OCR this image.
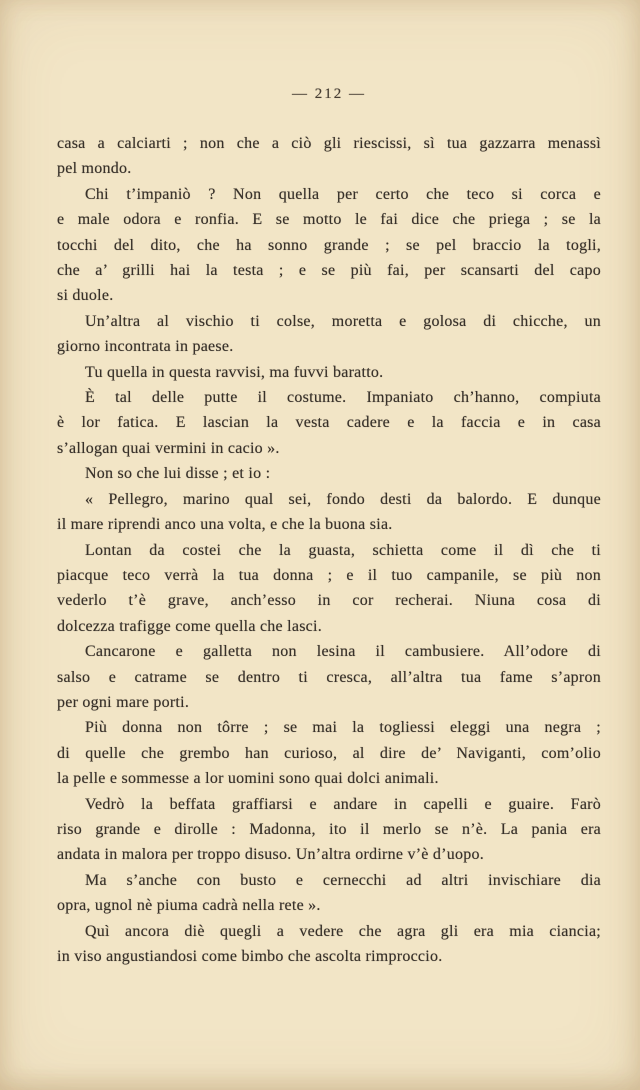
— 212 —
casa a calciarti ; non che a ciò gli riescissi, sì tua gazzarra menassì
pel mondo.
Chi t’impaniò ? Non quella per certo che teco si corca e
e male odora e ronfia. E se motto le fai dice che priega ; se la
tocchi del dito, che ha sonno grande ; se pel braccio la togli,
che a’ grilli hai la testa ; e se più fai, per scansarti del capo
si duole.
Un’altra al vischio ti colse, moretta e golosa di chicche, un
giorno incontrata in paese.
Tu quella in questa ravvisi, ma fuvvi baratto.
È tal delle putte il costume. Impaniato ch’hanno, compiuta
è lor fatica. E lascian la vesta cadere e la faccia e in casa
s’allogan quai vermini in cacio ».
Non so che lui disse ; et io :
« Pellegro, marino qual sei, fondo desti da balordo. E dunque
il mare riprendi anco una volta, e che la buona sia.
Lontan da costei che la guasta, schietta come il dì che ti
piacque teco verrà la tua donna ; e il tuo campanile, se più non
vederlo t’è grave, anch’esso in cor recherai. Niuna cosa di
dolcezza trafigge come quella che lasci.
Cancarone e galletta non lesina il cambusiere. All’odore di
salso e catrame se dentro ti cresca, all’altra tua fame s’apron
per ogni mare porti.
Più donna non tôrre ; se mai la togliessi eleggi una negra ;
di quelle che grembo han curioso, al dire de’ Naviganti, com’olio
la pelle e sommesse a lor uomini sono quai dolci animali.
Vedrò la beffata graffiarsi e andare in capelli e guaire. Farò
riso grande e dirolle : Madonna, ito il merlo se n’è. La pania era
andata in malora per troppo disuso. Un’altra ordirne v’è d’uopo.
Ma s’anche con busto e cernecchi ad altri invischiare dia
opra, ugnol nè piuma cadrà nella rete ».
Quì ancora diè quegli a vedere che agra gli era mia ciancia;
in viso angustiandosi come bimbo che ascolta rimproccio.
